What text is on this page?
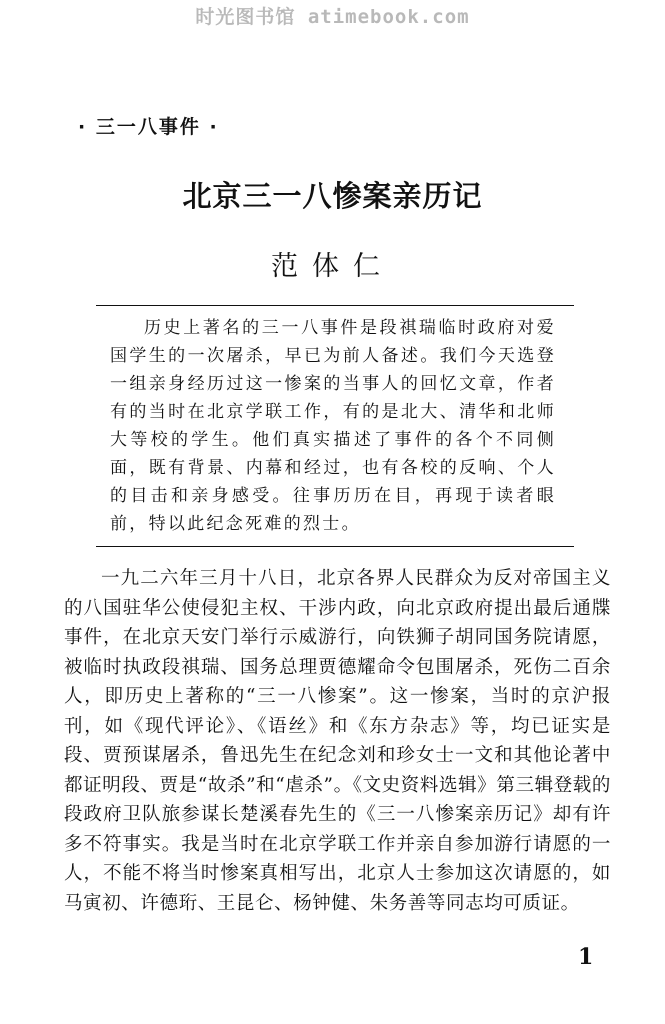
时光图书馆 atimebook.com
· 三一八事件 ·
北京三一八惨案亲历记
范体仁
历史上著名的三一八事件是段祺瑞临时政府对爱国学生的一次屠杀，早已为前人备述。我们今天选登一组亲身经历过这一惨案的当事人的回忆文章，作者有的当时在北京学联工作，有的是北大、清华和北师大等校的学生。他们真实描述了事件的各个不同侧面，既有背景、内幕和经过，也有各校的反响、个人的目击和亲身感受。往事历历在目，再现于读者眼前，特以此纪念死难的烈士。
一九二六年三月十八日，北京各界人民群众为反对帝国主义的八国驻华公使侵犯主权、干涉内政，向北京政府提出最后通牒事件，在北京天安门举行示威游行，向铁狮子胡同国务院请愿，被临时执政段祺瑞、国务总理贾德耀命令包围屠杀，死伤二百余人，即历史上著称的“三一八惨案”。这一惨案，当时的京沪报刊，如《现代评论》、《语丝》和《东方杂志》等，均已证实是段、贾预谋屠杀，鲁迅先生在纪念刘和珍女士一文和其他论著中都证明段、贾是“故杀”和“虐杀”。《文史资料选辑》第三辑登载的段政府卫队旅参谋长楚溪春先生的《三一八惨案亲历记》却有许多不符事实。我是当时在北京学联工作并亲自参加游行请愿的一人，不能不将当时惨案真相写出，北京人士参加这次请愿的，如马寅初、许德珩、王昆仑、杨钟健、朱务善等同志均可质证。
1
